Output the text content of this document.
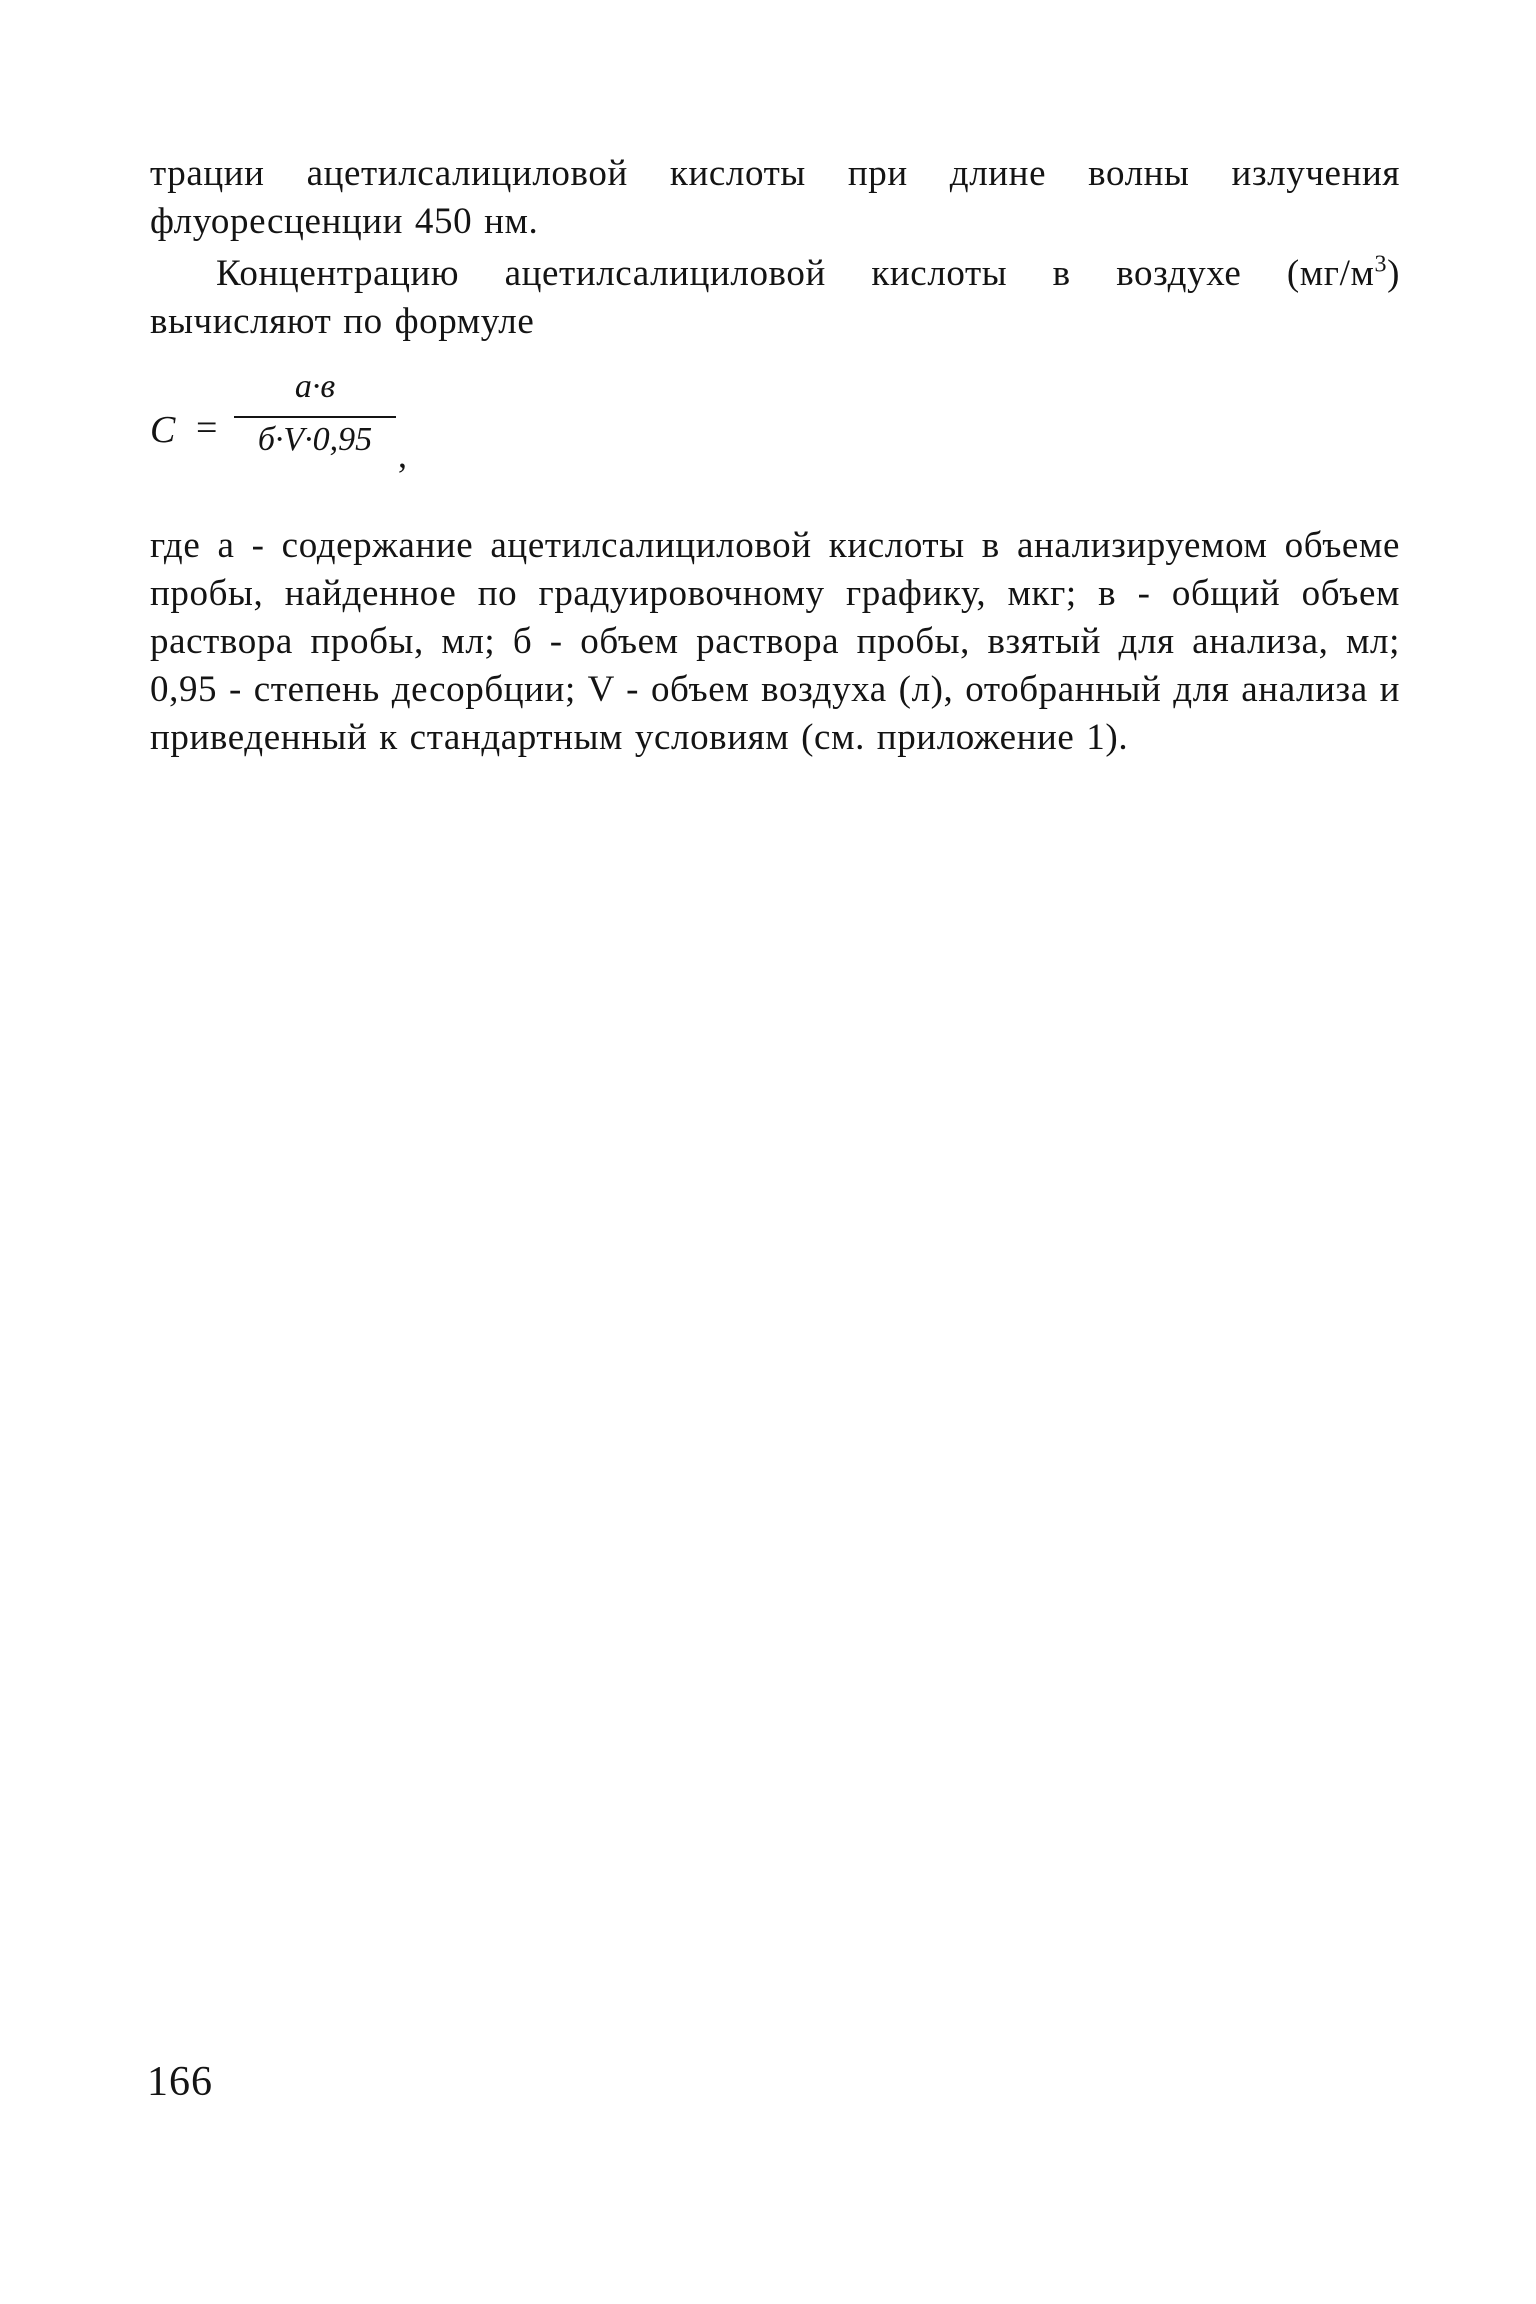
трации ацетилсалициловой кислоты при длине волны излучения флуоресценции 450 нм.

Концентрацию ацетилсалициловой кислоты в воздухе $(мг/м^3)$ вычисляют по формуле

C =
а·в
б·V·0,95 ,

где а - содержание ацетилсалициловой кислоты в анализируемом объеме пробы, найденное по градуировочному графику, мкг; в - общий объем раствора пробы, мл; б - объем раствора пробы, взятый для анализа, мл; 0,95 - степень десорбции; V - объем воздуха (л), отобранный для анализа и приведенный к стандартным условиям (см. приложение 1).

166
